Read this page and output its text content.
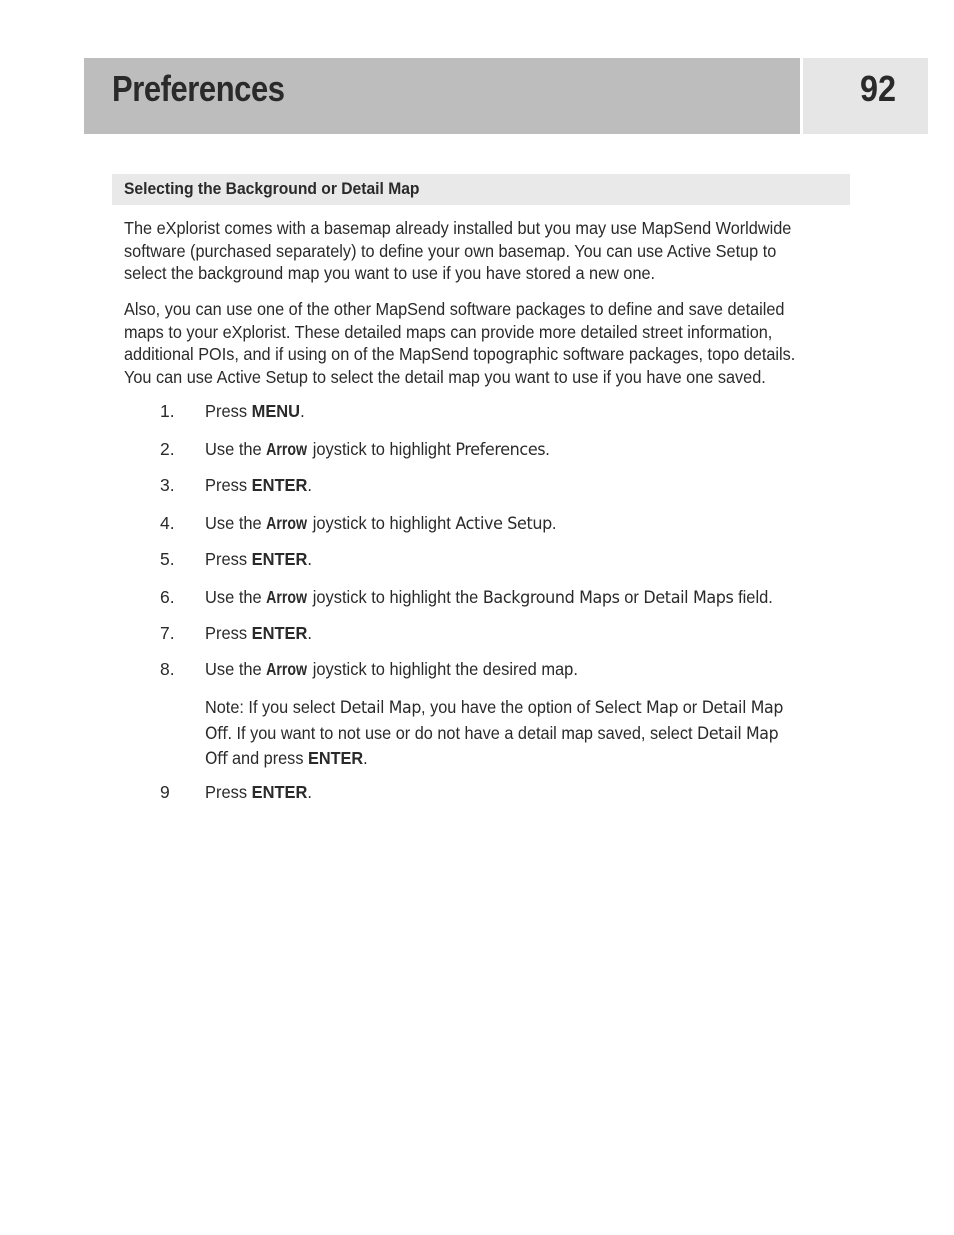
Preferences	92
Selecting the Background or Detail Map
The eXplorist comes with a basemap already installed but you may use MapSend Worldwide
software (purchased separately) to define your own basemap. You can use Active Setup to
select the background map you want to use if you have stored a new one.
Also, you can use one of the other MapSend software packages to define and save detailed
maps to your eXplorist. These detailed maps can provide more detailed street information,
additional POIs, and if using on of the MapSend topographic software packages, topo details.
You can use Active Setup to select the detail map you want to use if you have one saved.
1. Press MENU.
2. Use the Arrow joystick to highlight Preferences.
3. Press ENTER.
4. Use the Arrow joystick to highlight Active Setup.
5. Press ENTER.
6. Use the Arrow joystick to highlight the Background Maps or Detail Maps field.
7. Press ENTER.
8. Use the Arrow joystick to highlight the desired map.
9 Press ENTER.
Note: If you select Detail Map, you have the option of Select Map or Detail Map
Off. If you want to not use or do not have a detail map saved, select Detail Map
Off and press ENTER.
